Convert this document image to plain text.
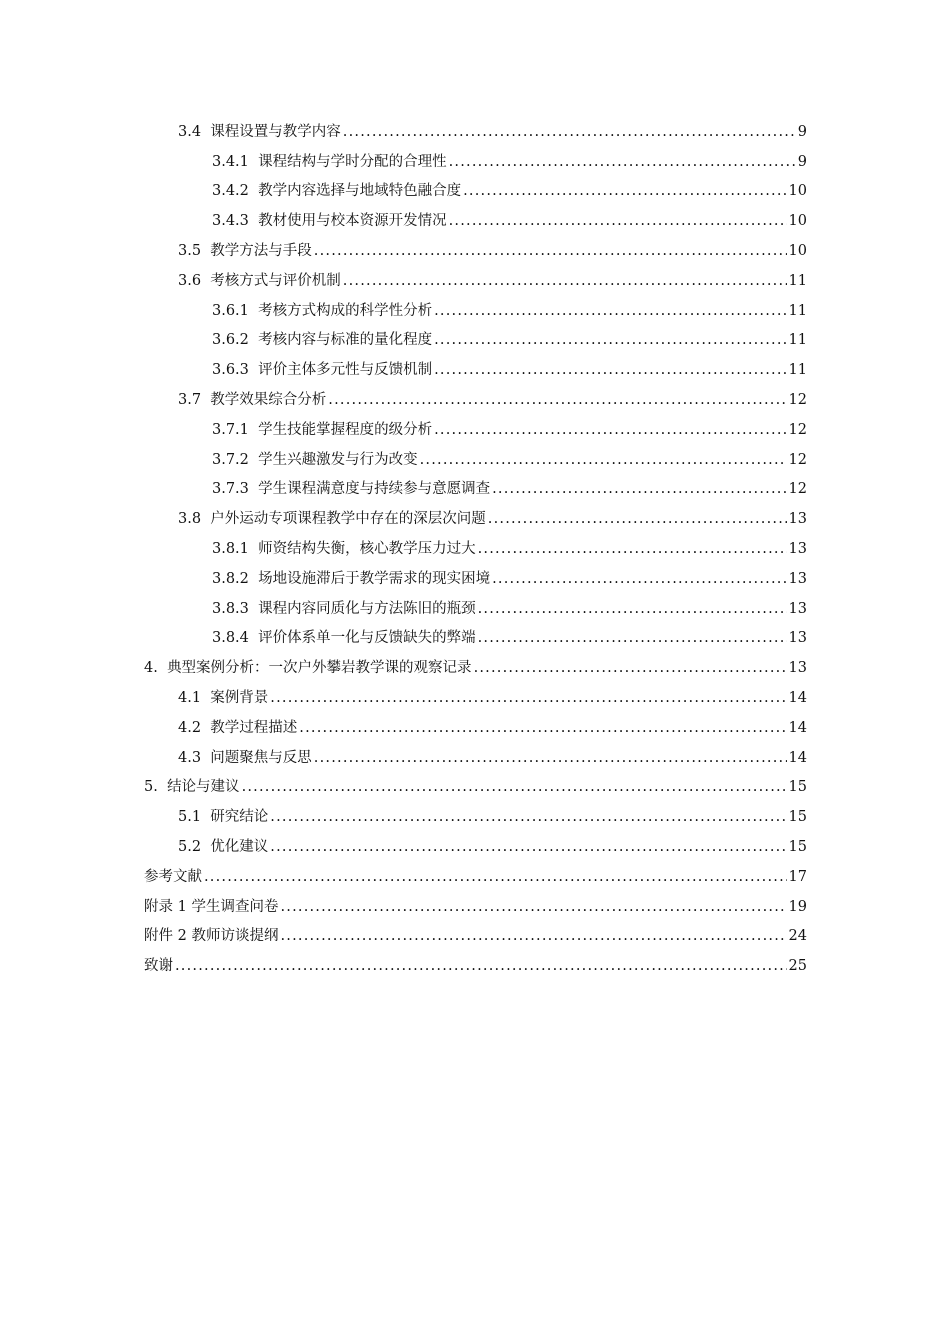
3.4 课程设置与教学内容 .....	9
3.4.1 课程结构与学时分配的合理性 .....	9
3.4.2 教学内容选择与地域特色融合度 .....	10
3.4.3 教材使用与校本资源开发情况 .....	10
3.5 教学方法与手段 .....	10
3.6 考核方式与评价机制 .....	11
3.6.1 考核方式构成的科学性分析 .....	11
3.6.2 考核内容与标准的量化程度 .....	11
3.6.3 评价主体多元性与反馈机制 .....	11
3.7 教学效果综合分析 .....	12
3.7.1 学生技能掌握程度的级分析 .....	12
3.7.2 学生兴趣激发与行为改变 .....	12
3.7.3 学生课程满意度与持续参与意愿调查 .....	12
3.8 户外运动专项课程教学中存在的深层次问题 .....	13
3.8.1 师资结构失衡，核心教学压力过大 .....	13
3.8.2 场地设施滞后于教学需求的现实困境 .....	13
3.8.3 课程内容同质化与方法陈旧的瓶颈 .....	13
3.8.4 评价体系单一化与反馈缺失的弊端 .....	13
4. 典型案例分析：一次户外攀岩教学课的观察记录 .....	13
4.1 案例背景 .....	14
4.2 教学过程描述 .....	14
4.3 问题聚焦与反思 .....	14
5. 结论与建议 .....	15
5.1 研究结论 .....	15
5.2 优化建议 .....	15
参考文献 .....	17
附录 1 学生调查问卷 .....	19
附件 2 教师访谈提纲 .....	24
致谢 .....	25
